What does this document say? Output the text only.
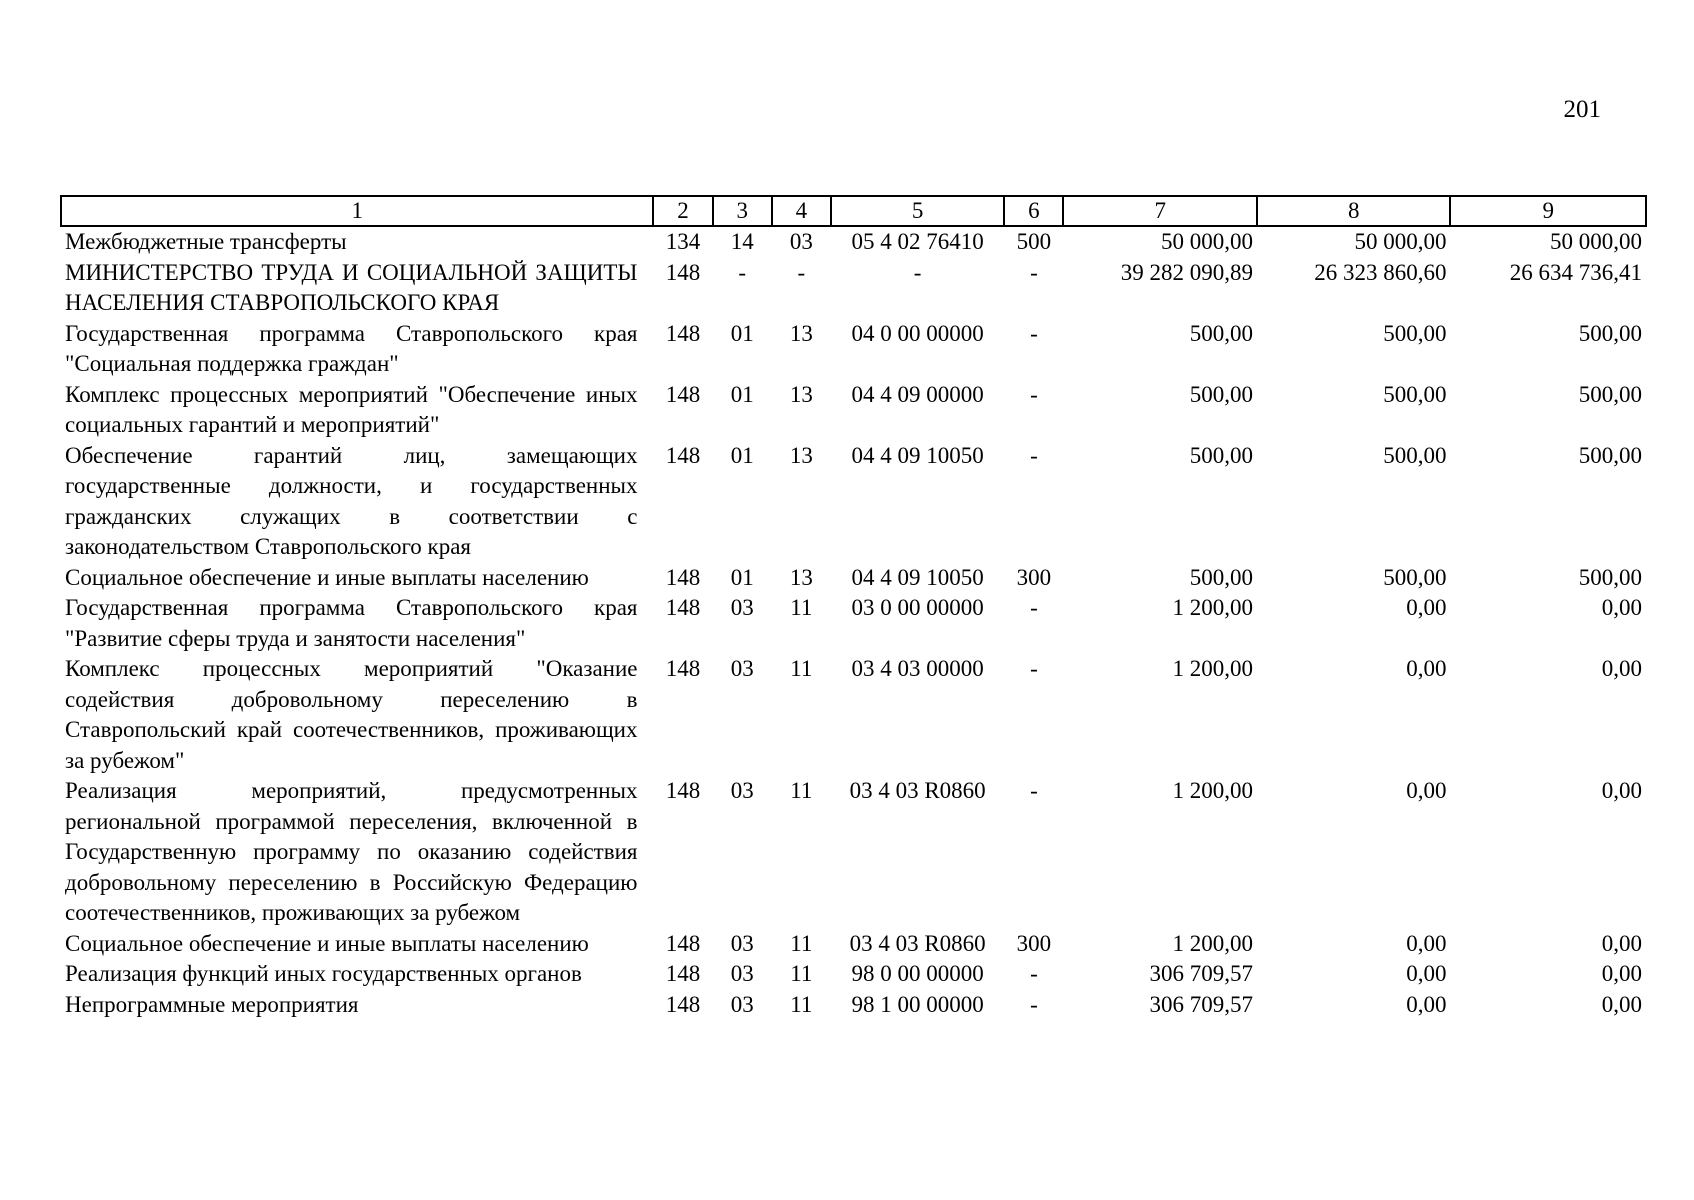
201
1	2	3	4	5	6	7	8	9
Межбюджетные трансферты	134	14	03	05 4 02 76410	500	50 000,00	50 000,00	50 000,00
МИНИСТЕРСТВО ТРУДА И СОЦИАЛЬНОЙ ЗАЩИТЫ НАСЕЛЕНИЯ СТАВРОПОЛЬСКОГО КРАЯ	148	-	-	-	-	39 282 090,89	26 323 860,60	26 634 736,41
Государственная программа Ставропольского края "Социальная поддержка граждан"	148	01	13	04 0 00 00000	-	500,00	500,00	500,00
Комплекс процессных мероприятий "Обеспечение иных социальных гарантий и мероприятий"	148	01	13	04 4 09 00000	-	500,00	500,00	500,00
Обеспечение гарантий лиц, замещающих государственные должности, и государственных гражданских служащих в соответствии с законодательством Ставропольского края	148	01	13	04 4 09 10050	-	500,00	500,00	500,00
Социальное обеспечение и иные выплаты населению	148	01	13	04 4 09 10050	300	500,00	500,00	500,00
Государственная программа Ставропольского края "Развитие сферы труда и занятости населения"	148	03	11	03 0 00 00000	-	1 200,00	0,00	0,00
Комплекс процессных мероприятий "Оказание содействия добровольному переселению в Ставропольский край соотечественников, проживающих за рубежом"	148	03	11	03 4 03 00000	-	1 200,00	0,00	0,00
Реализация мероприятий, предусмотренных региональной программой переселения, включенной в Государственную программу по оказанию содействия добровольному переселению в Российскую Федерацию соотечественников, проживающих за рубежом	148	03	11	03 4 03 R0860	-	1 200,00	0,00	0,00
Социальное обеспечение и иные выплаты населению	148	03	11	03 4 03 R0860	300	1 200,00	0,00	0,00
Реализация функций иных государственных органов	148	03	11	98 0 00 00000	-	306 709,57	0,00	0,00
Непрограммные мероприятия	148	03	11	98 1 00 00000	-	306 709,57	0,00	0,00
